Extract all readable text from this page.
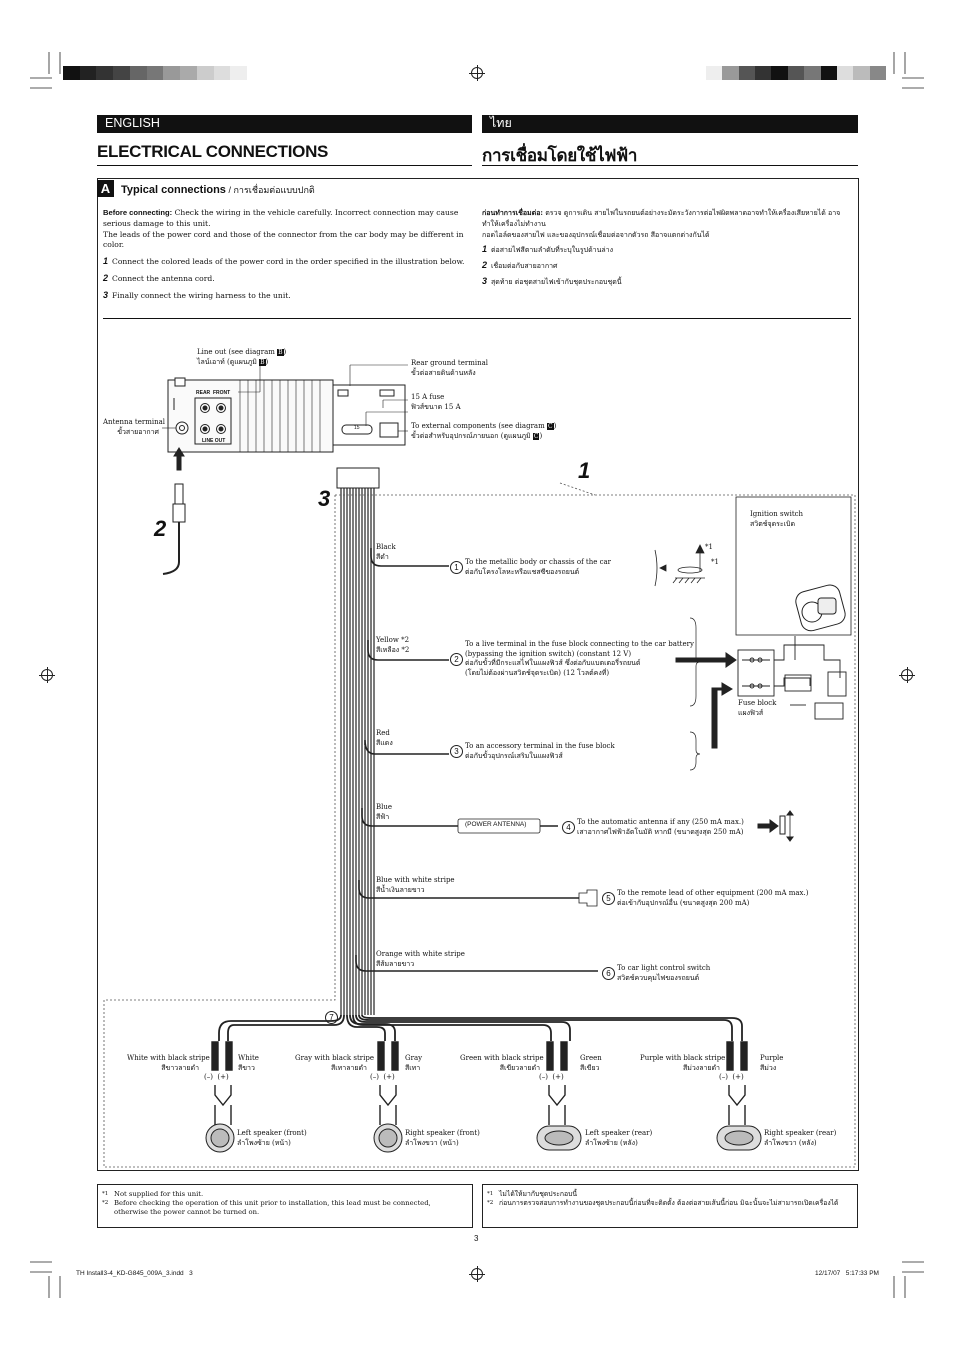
ENGLISH	ไทย
ELECTRICAL CONNECTIONS	การเชื่อมโดยใช้ไฟฟ้า
A Typical connections / การเชื่อมต่อแบบปกติ
Before connecting: Check the wiring in the vehicle carefully. Incorrect connection may cause serious damage to this unit.
The leads of the power cord and those of the connector from the car body may be different in color.
1 Connect the colored leads of the power cord in the order specified in the illustration below.
2 Connect the antenna cord.
3 Finally connect the wiring harness to the unit.
ก่อนทำการเชื่อมต่อ: ตรวจ ดูการเดิน สายไฟในรถยนต์อย่างระมัดระวังการต่อไฟผิดพลาดอาจทำให้เครื่องเสียหายได้ อาจทำให้เครื่องไม่ทำงาน
กอดไอล์ดของสายไฟ และของอุปกรณ์เชื่อมต่อจากตัวรถ สีอาจแตกต่างกันได้
1 ต่อสายไฟสีตามลำดับที่ระบุในรูปด้านล่าง
2 เชื่อมต่อกับสายอากาศ
3 สุดท้าย ต่อชุดสายไฟเข้ากับชุดประกอบชุดนี้
1
2
3
REAR FRONT
LINE OUT
15
Line out (see diagram B)
ไลน์เอาท์ (ดูแผนภูมิ B)	Rear ground terminal
ขั้วต่อสายดินด้านหลัง
15 A fuse
ฟิวส์ขนาด 15 A
To external components (see diagram C)
ขั้วต่อสำหรับอุปกรณ์ภายนอก (ดูแผนภูมิ C)
Antenna terminal
ขั้วสายอากาศ
Black
สีดำ
Yellow *2
สีเหลือง *2
Red
สีแดง
Blue
สีฟ้า
Blue with white stripe
สีน้ำเงินลายขาว
Orange with white stripe
สีส้มลายขาว
1To the metallic body or chassis of the car
ต่อกับโครงโลหะหรือแชสซีของรถยนต์
2To a live terminal in the fuse block connecting to the car battery
(bypassing the ignition switch) (constant 12 V)
ต่อกับขั้วที่มีกระแสไฟในแผงฟิวส์ ซึ่งต่อกับแบตเตอรี่รถยนต์
(โดยไม่ต้องผ่านสวิตช์จุดระเบิด) (12 โวลต์คงที่)
3To an accessory terminal in the fuse block
ต่อกับขั้วอุปกรณ์เสริมในแผงฟิวส์
(POWER ANTENNA)	4To the automatic antenna if any (250 mA max.)
เสาอากาศไฟฟ้าอัตโนมัติ หากมี (ขนาดสูงสุด 250 mA)
5To the remote lead of other equipment (200 mA max.)
ต่อเข้ากับอุปกรณ์อื่น (ขนาดสูงสุด 200 mA)
6To car light control switch
สวิตช์ควบคุมไฟของรถยนต์
7
Ignition switch
สวิตช์จุดระเบิด
Fuse block
แผงฟิวส์
*1
*1
White with black stripe
สีขาวลายดำ
White
สีขาว
Gray with black stripe
สีเทาลายดำ
Gray
สีเทา
Green with black stripe
สีเขียวลายดำ
Green
สีเขียว
Purple with black stripe
สีม่วงลายดำ
Purple
สีม่วง
(–) (+)	(–) (+)	(–) (+)	(–) (+)
Left speaker (front)
ลำโพงซ้าย (หน้า)
Right speaker (front)
ลำโพงขวา (หน้า)
Left speaker (rear)
ลำโพงซ้าย (หลัง)
Right speaker (rear)
ลำโพงขวา (หลัง)
*1 Not supplied for this unit.
*2 Before checking the operation of this unit prior to installation, this lead must be connected, otherwise the power cannot be turned on.
*1 ไม่ได้ให้มากับชุดประกอบนี้
*2 ก่อนการตรวจสอบการทำงานของชุดประกอบนี้ก่อนที่จะติดตั้ง ต้องต่อสายเส้นนี้ก่อน มิฉะนั้นจะไม่สามารถเปิดเครื่องได้
3
TH Install3-4_KD-G845_009A_3.indd   3	12/17/07   5:17:33 PM
